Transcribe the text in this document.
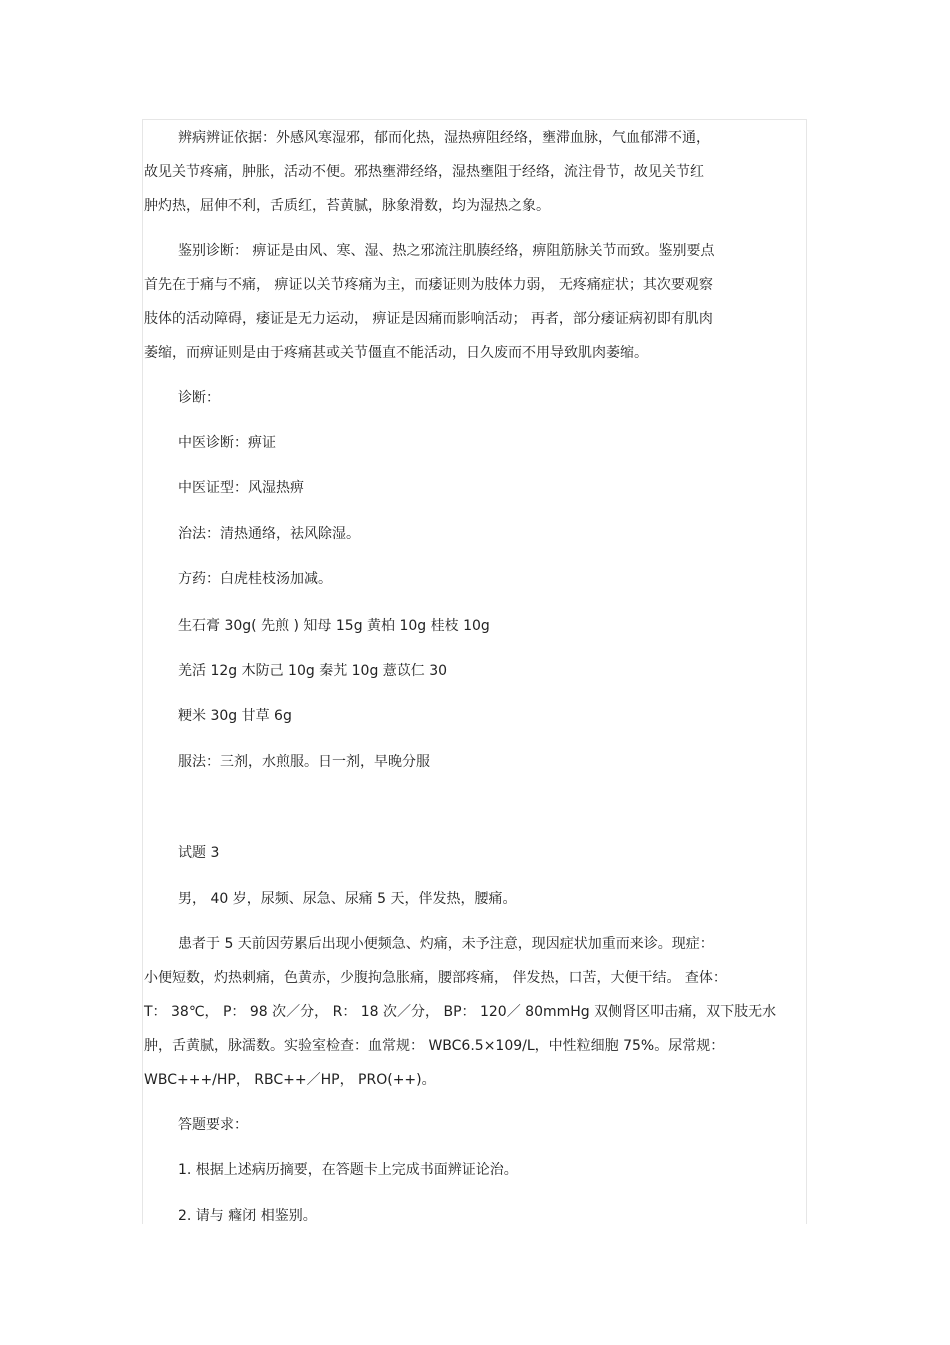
辨病辨证依据：外感风寒湿邪，郁而化热，湿热痹阻经络，壅滞血脉，气血郁滞不通，
故见关节疼痛，肿胀，活动不便。邪热壅滞经络，湿热壅阻于经络，流注骨节，故见关节红
肿灼热，屈伸不利，舌质红，苔黄腻，脉象滑数，均为湿热之象。
鉴别诊断： 痹证是由风、寒、湿、热之邪流注肌腠经络，痹阻筋脉关节而致。鉴别要点
首先在于痛与不痛， 痹证以关节疼痛为主，而痿证则为肢体力弱， 无疼痛症状；其次要观察
肢体的活动障碍，痿证是无力运动， 痹证是因痛而影响活动； 再者，部分痿证病初即有肌肉
萎缩，而痹证则是由于疼痛甚或关节僵直不能活动，日久废而不用导致肌肉萎缩。
诊断：
中医诊断：痹证
中医证型：风湿热痹
治法：清热通络，祛风除湿。
方药：白虎桂枝汤加减。
生石膏 30g( 先煎 ) 知母 15g 黄柏 10g 桂枝 10g
羌活 12g 木防己 10g 秦艽 10g 薏苡仁 30
粳米 30g 甘草 6g
服法：三剂，水煎服。日一剂，早晚分服
试题 3
男， 40 岁，尿频、尿急、尿痛 5 天，伴发热，腰痛。
患者于 5 天前因劳累后出现小便频急、灼痛，未予注意，现因症状加重而来诊。现症：
小便短数，灼热刺痛，色黄赤，少腹拘急胀痛，腰部疼痛， 伴发热，口苦，大便干结。 查体：
T： 38℃， P： 98 次／分， R： 18 次／分， BP： 120／ 80mmHg 双侧肾区叩击痛，双下肢无水
肿，舌黄腻，脉濡数。实验室检查：血常规： WBC6.5×109/L，中性粒细胞 75%。尿常规：
WBC+++/HP， RBC++／HP， PRO(++)。
答题要求：
1. 根据上述病历摘要，在答题卡上完成书面辨证论治。
2. 请与 癃闭 相鉴别。
